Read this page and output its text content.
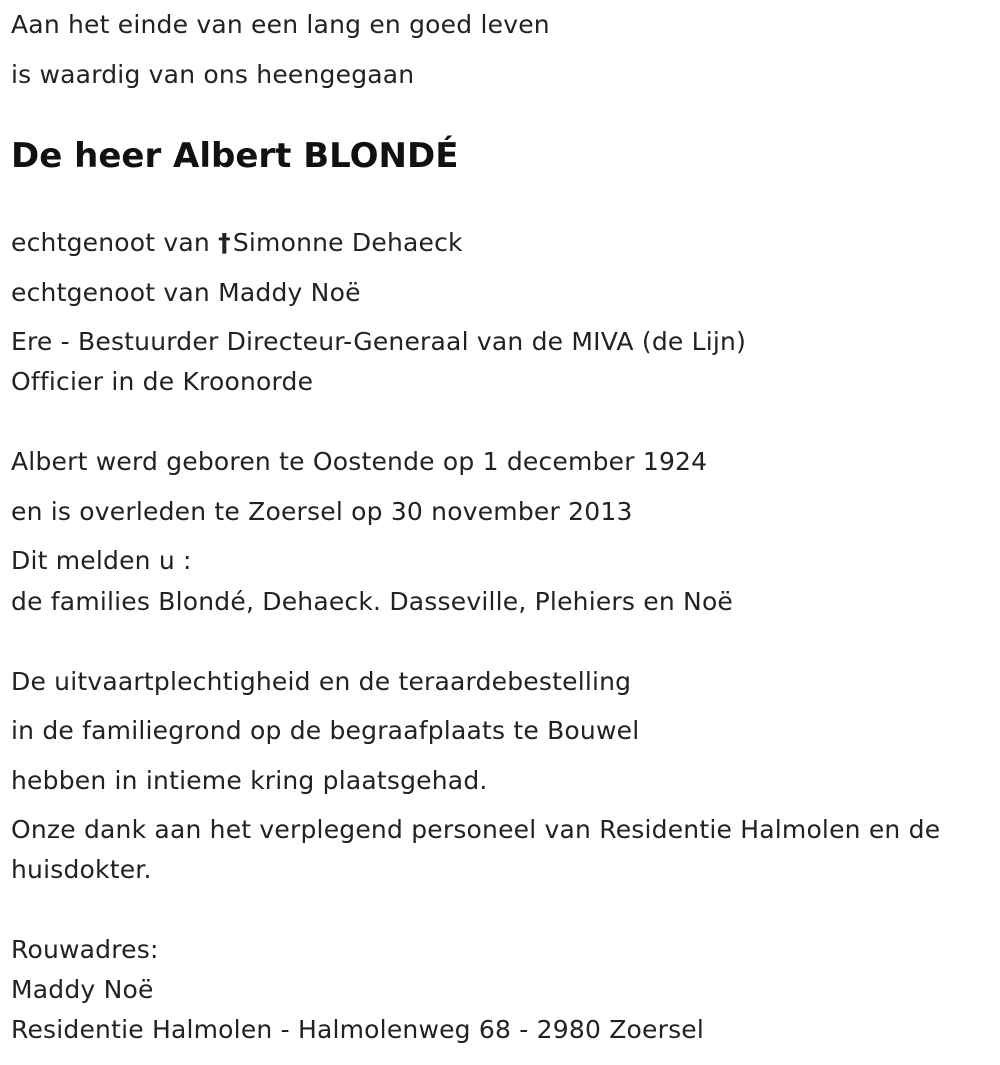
Aan het einde van een lang en goed leven
is waardig van ons heengegaan
De heer Albert BLONDÉ
echtgenoot van †Simonne Dehaeck
echtgenoot van Maddy Noë
Ere - Bestuurder Directeur-Generaal van de MIVA (de Lijn)
Officier in de Kroonorde
Albert werd geboren te Oostende op 1 december 1924
en is overleden te Zoersel op 30 november 2013
Dit melden u :
de families Blondé, Dehaeck. Dasseville, Plehiers en Noë
De uitvaartplechtigheid en de teraardebestelling
in de familiegrond op de begraafplaats te Bouwel
hebben in intieme kring plaatsgehad.
Onze dank aan het verplegend personeel van Residentie Halmolen en de
huisdokter.
Rouwadres:
Maddy Noë
Residentie Halmolen - Halmolenweg 68 - 2980 Zoersel
